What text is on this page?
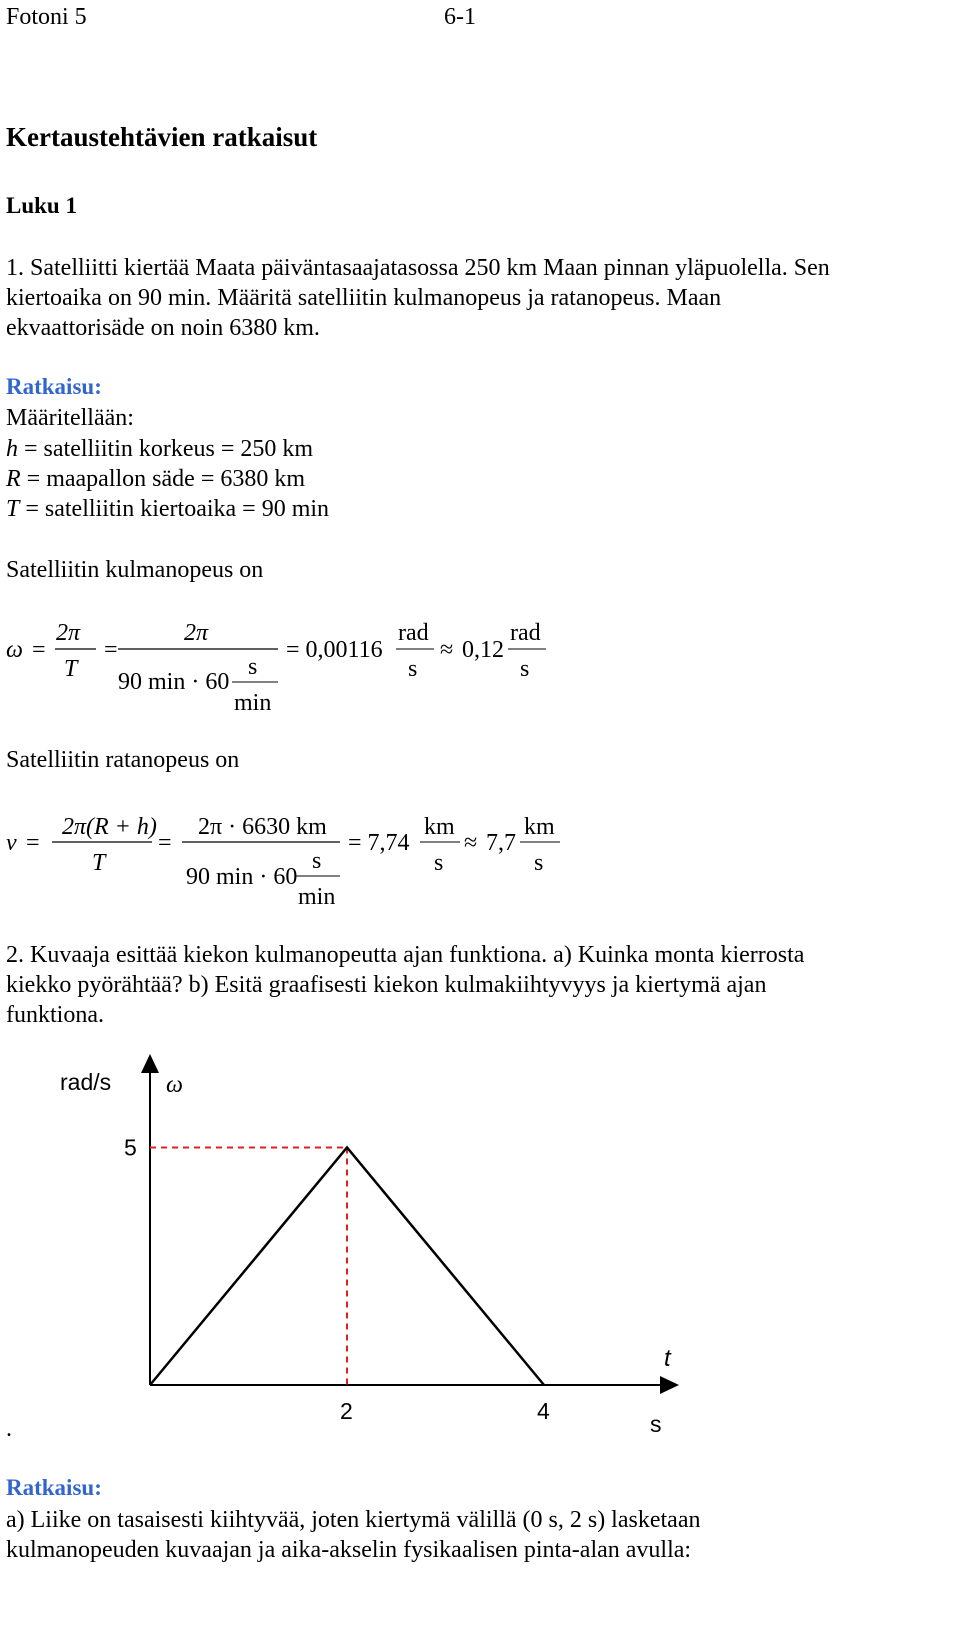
Fotoni 5	6-1
Kertaustehtävien ratkaisut
Luku 1
1. Satelliitti kiertää Maata päiväntasaajatasossa 250 km Maan pinnan yläpuolella. Sen
kiertoaika on 90 min. Määritä satelliitin kulmanopeus ja ratanopeus. Maan
ekvaattorisäde on noin 6380 km.
Ratkaisu:
Määritellään:
h = satelliitin korkeus = 250 km
R = maapallon säde = 6380 km
T = satelliitin kiertoaika = 90 min
Satelliitin kulmanopeus on
ω =
2π
T
=
2π
90 min · 60
s
min
= 0,00116
rad
s
≈ 0,12
rad
s
Satelliitin ratanopeus on
v =
2π(R + h)
T
=
2π · 6630 km
90 min · 60
s
min
= 7,74
km
s
≈ 7,7
km
s
2. Kuvaaja esittää kiekon kulmanopeutta ajan funktiona. a) Kuinka monta kierrosta
kiekko pyörähtää? b) Esitä graafisesti kiekon kulmakiihtyvyys ja kiertymä ajan
funktiona.
rad/s ω
t
s
2	4
5
.
Ratkaisu:
a) Liike on tasaisesti kiihtyvää, joten kiertymä välillä (0 s, 2 s) lasketaan
kulmanopeuden kuvaajan ja aika-akselin fysikaalisen pinta-alan avulla:
